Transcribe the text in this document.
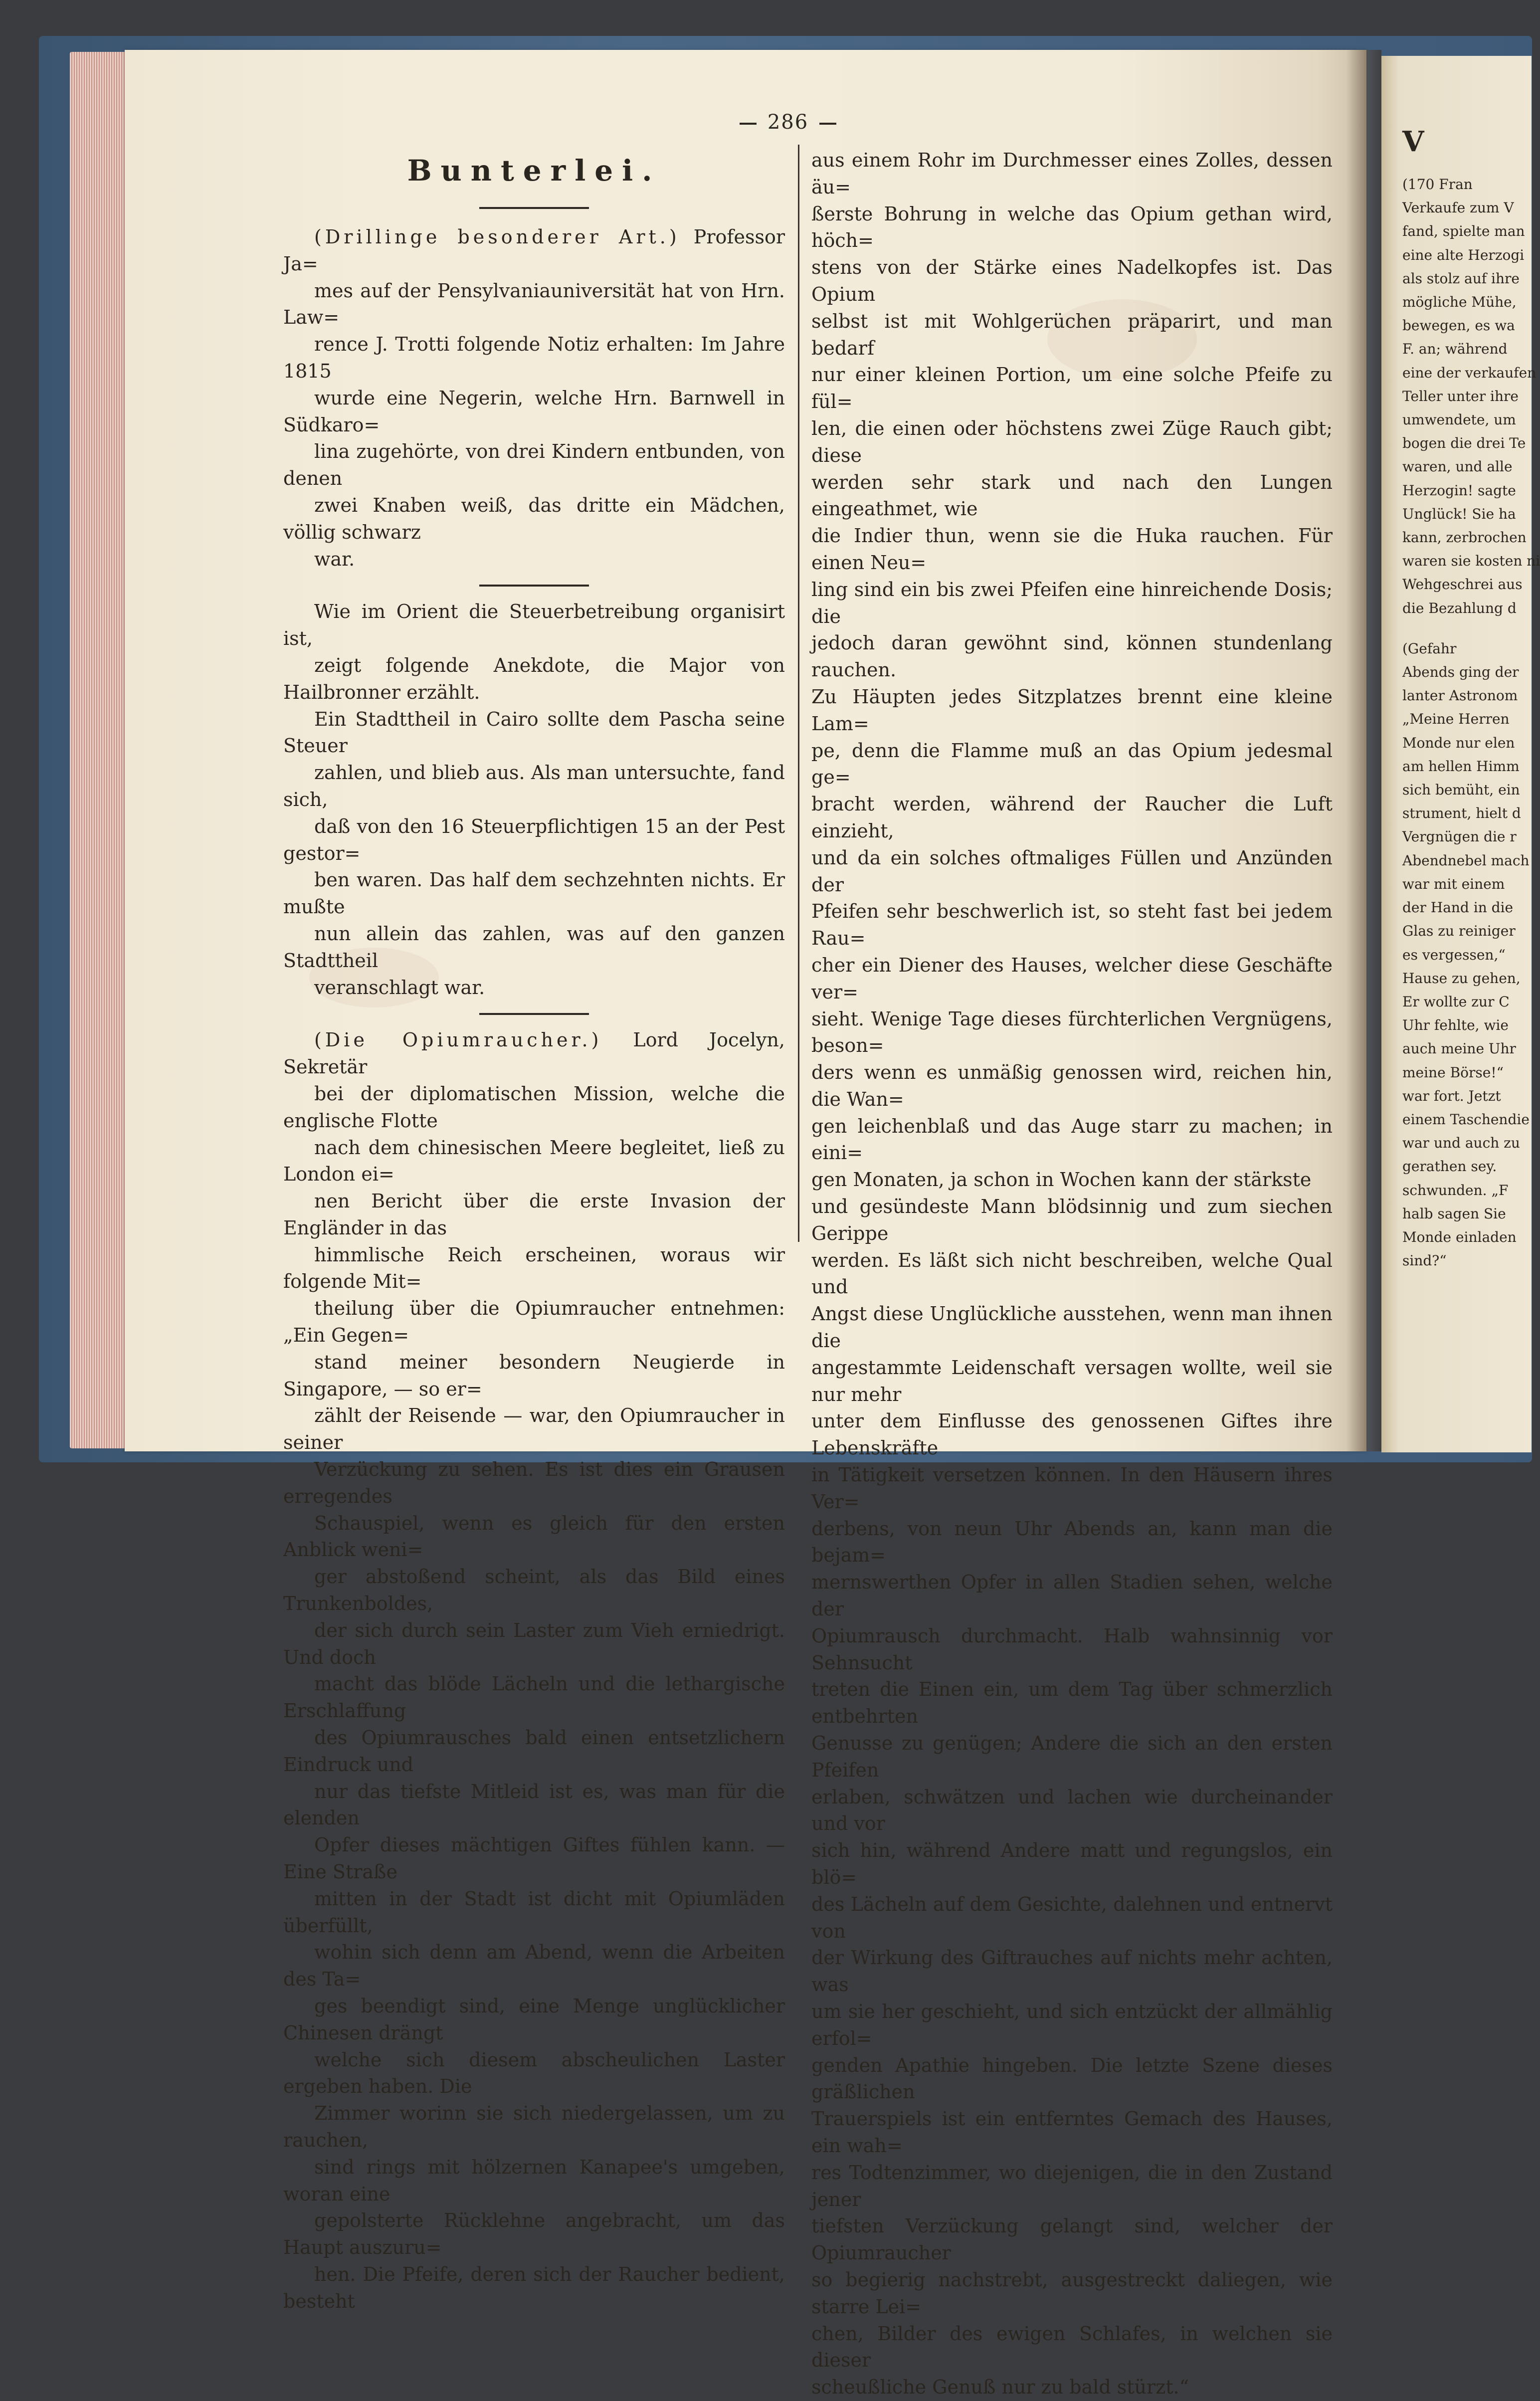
286
Bunterlei.
(Drillinge besonderer Art.) Professor Ja=
mes auf der Pensylvaniauniversität hat von Hrn. Law=
rence J. Trotti folgende Notiz erhalten: Im Jahre 1815
wurde eine Negerin, welche Hrn. Barnwell in Südkaro=
lina zugehörte, von drei Kindern entbunden, von denen
zwei Knaben weiß, das dritte ein Mädchen, völlig schwarz
war.
Wie im Orient die Steuerbetreibung organisirt ist,
zeigt folgende Anekdote, die Major von Hailbronner erzählt.
Ein Stadttheil in Cairo sollte dem Pascha seine Steuer
zahlen, und blieb aus. Als man untersuchte, fand sich,
daß von den 16 Steuerpflichtigen 15 an der Pest gestor=
ben waren. Das half dem sechzehnten nichts. Er mußte
nun allein das zahlen, was auf den ganzen Stadttheil
veranschlagt war.
(Die Opiumraucher.) Lord Jocelyn, Sekretär
bei der diplomatischen Mission, welche die englische Flotte
nach dem chinesischen Meere begleitet, ließ zu London ei=
nen Bericht über die erste Invasion der Engländer in das
himmlische Reich erscheinen, woraus wir folgende Mit=
theilung über die Opiumraucher entnehmen: „Ein Gegen=
stand meiner besondern Neugierde in Singapore, — so er=
zählt der Reisende — war, den Opiumraucher in seiner
Verzückung zu sehen. Es ist dies ein Grausen erregendes
Schauspiel, wenn es gleich für den ersten Anblick weni=
ger abstoßend scheint, als das Bild eines Trunkenboldes,
der sich durch sein Laster zum Vieh erniedrigt. Und doch
macht das blöde Lächeln und die lethargische Erschlaffung
des Opiumrausches bald einen entsetzlichern Eindruck und
nur das tiefste Mitleid ist es, was man für die elenden
Opfer dieses mächtigen Giftes fühlen kann. — Eine Straße
mitten in der Stadt ist dicht mit Opiumläden überfüllt,
wohin sich denn am Abend, wenn die Arbeiten des Ta=
ges beendigt sind, eine Menge unglücklicher Chinesen drängt
welche sich diesem abscheulichen Laster ergeben haben. Die
Zimmer worinn sie sich niedergelassen, um zu rauchen,
sind rings mit hölzernen Kanapee's umgeben, woran eine
gepolsterte Rücklehne angebracht, um das Haupt auszuru=
hen. Die Pfeife, deren sich der Raucher bedient, besteht
aus einem Rohr im Durchmesser eines Zolles, dessen äu=
ßerste Bohrung in welche das Opium gethan wird, höch=
stens von der Stärke eines Nadelkopfes ist. Das Opium
selbst ist mit Wohlgerüchen präparirt, und man bedarf
nur einer kleinen Portion, um eine solche Pfeife zu fül=
len, die einen oder höchstens zwei Züge Rauch gibt; diese
werden sehr stark und nach den Lungen eingeathmet, wie
die Indier thun, wenn sie die Huka rauchen. Für einen Neu=
ling sind ein bis zwei Pfeifen eine hinreichende Dosis; die
jedoch daran gewöhnt sind, können stundenlang rauchen.
Zu Häupten jedes Sitzplatzes brennt eine kleine Lam=
pe, denn die Flamme muß an das Opium jedesmal ge=
bracht werden, während der Raucher die Luft einzieht,
und da ein solches oftmaliges Füllen und Anzünden der
Pfeifen sehr beschwerlich ist, so steht fast bei jedem Rau=
cher ein Diener des Hauses, welcher diese Geschäfte ver=
sieht. Wenige Tage dieses fürchterlichen Vergnügens, beson=
ders wenn es unmäßig genossen wird, reichen hin, die Wan=
gen leichenblaß und das Auge starr zu machen; in eini=
gen Monaten, ja schon in Wochen kann der stärkste
und gesündeste Mann blödsinnig und zum siechen Gerippe
werden. Es läßt sich nicht beschreiben, welche Qual und
Angst diese Unglückliche ausstehen, wenn man ihnen die
angestammte Leidenschaft versagen wollte, weil sie nur mehr
unter dem Einflusse des genossenen Giftes ihre Lebenskräfte
in Tätigkeit versetzen können. In den Häusern ihres Ver=
derbens, von neun Uhr Abends an, kann man die bejam=
mernswerthen Opfer in allen Stadien sehen, welche der
Opiumrausch durchmacht. Halb wahnsinnig vor Sehnsucht
treten die Einen ein, um dem Tag über schmerzlich entbehrten
Genusse zu genügen; Andere die sich an den ersten Pfeifen
erlaben, schwätzen und lachen wie durcheinander und vor
sich hin, während Andere matt und regungslos, ein blö=
des Lächeln auf dem Gesichte, dalehnen und entnervt von
der Wirkung des Giftrauches auf nichts mehr achten, was
um sie her geschieht, und sich entzückt der allmählig erfol=
genden Apathie hingeben. Die letzte Szene dieses gräßlichen
Trauerspiels ist ein entferntes Gemach des Hauses, ein wah=
res Todtenzimmer, wo diejenigen, die in den Zustand jener
tiefsten Verzückung gelangt sind, welcher der Opiumraucher
so begierig nachstrebt, ausgestreckt daliegen, wie starre Lei=
chen, Bilder des ewigen Schlafes, in welchen sie dieser
scheußliche Genuß nur zu bald stürzt.“
V
(170 Fran
Verkaufe zum V
fand, spielte man
eine alte Herzogi
als stolz auf ihre
mögliche Mühe,
bewegen, es wa
F. an; während
eine der verkaufen
Teller unter ihre
umwendete, um
bogen die drei Te
waren, und alle
Herzogin! sagte
Unglück! Sie ha
kann, zerbrochen
waren sie kosten ni
Wehgeschrei aus
die Bezahlung d
(Gefahr
Abends ging der
lanter Astronom
„Meine Herren
Monde nur elen
am hellen Himm
sich bemüht, ein
strument, hielt d
Vergnügen die r
Abendnebel mach
war mit einem
der Hand in die
Glas zu reiniger
es vergessen,“
Hause zu gehen,
Er wollte zur C
Uhr fehlte, wie
auch meine Uhr
meine Börse!“
war fort. Jetzt
einem Taschendie
war und auch zu
gerathen sey.
schwunden. „F
halb sagen Sie
Monde einladen
sind?“
